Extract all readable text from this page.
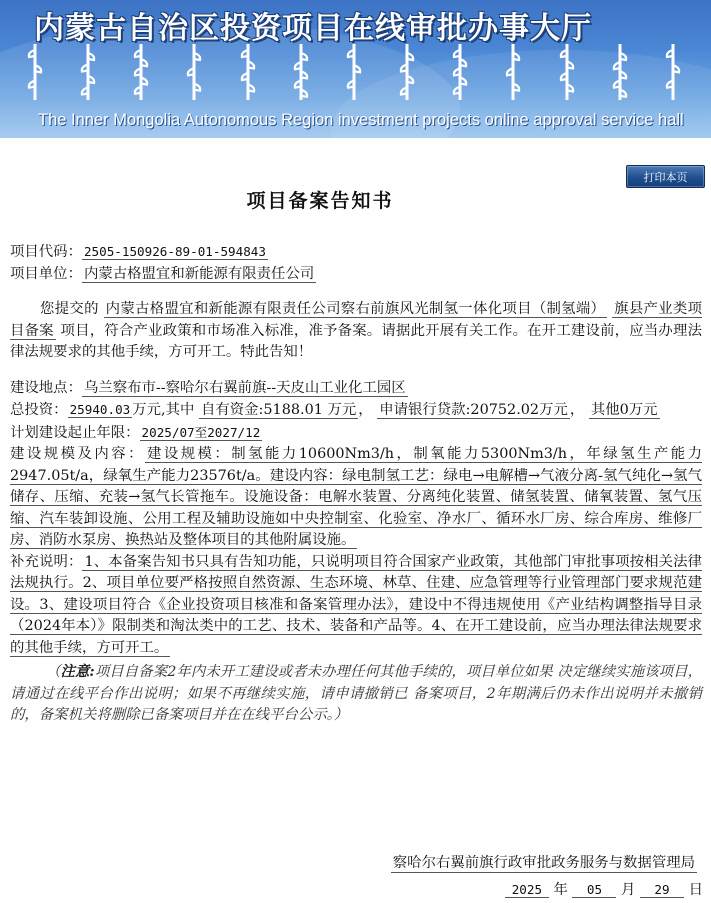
内蒙古自治区投资项目在线审批办事大厅
The Inner Mongolia Autonomous Region investment projects online approval service hall
打印本页
项目备案告知书
项目代码： 2505-150926-89-01-594843
项目单位： 内蒙古格盟宜和新能源有限责任公司
您提交的 内蒙古格盟宜和新能源有限责任公司察右前旗风光制氢一体化项目（制氢端） 旗县产业类项目备案 项目，符合产业政策和市场准入标准，准予备案。请据此开展有关工作。在开工建设前，应当办理法律法规要求的其他手续，方可开工。特此告知！
建设地点： 乌兰察布市--察哈尔右翼前旗--天皮山工业化工园区
总投资： 25940.03 万元,其中 自有资金:5188.01 万元 ， 申请银行贷款:20752.02万元 ， 其他0万元
计划建设起止年限： 2025/07至2027/12
建设规模及内容： 建设规模：制氢能力10600Nm3/h，制氧能力5300Nm3/h，年绿氢生产能力2947.05t/a，绿氧生产能力23576t/a。建设内容：绿电制氢工艺：绿电→电解槽→气液分离-氢气纯化→氢气储存、压缩、充装→氢气长管拖车。设施设备：电解水装置、分离纯化装置、储氢装置、储氧装置、氢气压缩、汽车装卸设施、公用工程及辅助设施如中央控制室、化验室、净水厂、循环水厂房、综合库房、维修厂房、消防水泵房、换热站及整体项目的其他附属设施。
补充说明： 1、本备案告知书只具有告知功能，只说明项目符合国家产业政策，其他部门审批事项按相关法律法规执行。2、项目单位要严格按照自然资源、生态环境、林草、住建、应急管理等行业管理部门要求规范建设。3、建设项目符合《企业投资项目核准和备案管理办法》，建设中不得违规使用《产业结构调整指导目录（2024年本）》限制类和淘汰类中的工艺、技术、装备和产品等。4、在开工建设前，应当办理法律法规要求的其他手续，方可开工。
（注意:项目自备案2年内未开工建设或者未办理任何其他手续的，项目单位如果 决定继续实施该项目，请通过在线平台作出说明；如果不再继续实施，请申请撤销已 备案项目，2年期满后仍未作出说明并未撤销的，备案机关将删除已备案项目并在在线平台公示。）
察哈尔右翼前旗行政审批政务服务与数据管理局
2025 年 05 月 29 日
